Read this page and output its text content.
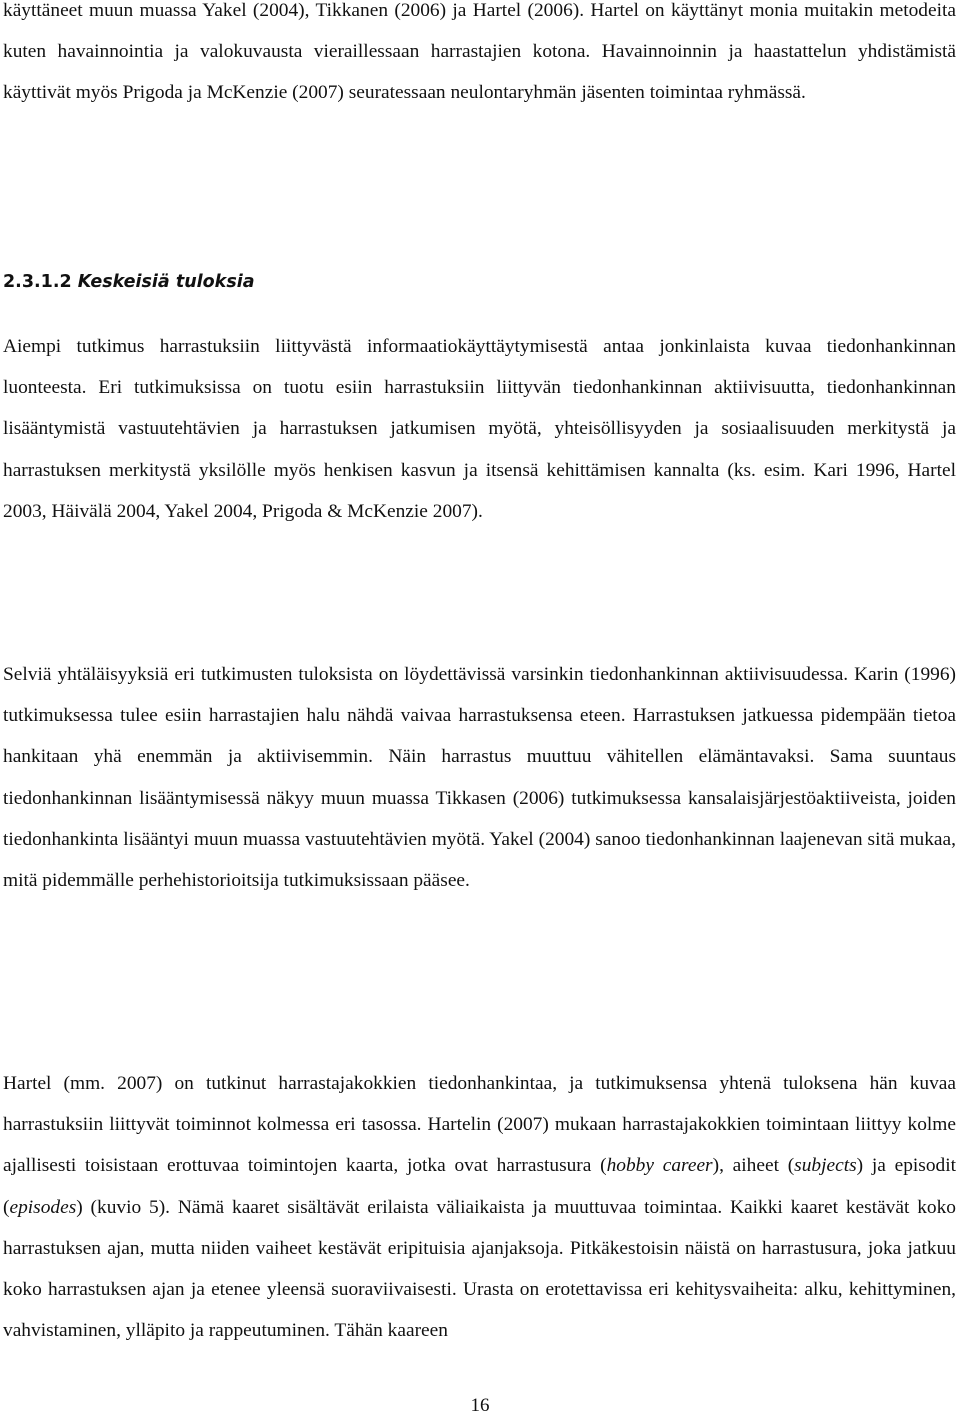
käyttäneet muun muassa Yakel (2004), Tikkanen (2006) ja Hartel (2006). Hartel on käyttänyt monia muitakin metodeita kuten havainnointia ja valokuvausta vieraillessaan harrastajien kotona. Havainnoinnin ja haastattelun yhdistämistä käyttivät myös Prigoda ja McKenzie (2007) seuratessaan neulontaryhmän jäsenten toimintaa ryhmässä.

2.3.1.2 Keskeisiä tuloksia

Aiempi tutkimus harrastuksiin liittyvästä informaatiokäyttäytymisestä antaa jonkinlaista kuvaa tiedonhankinnan luonteesta. Eri tutkimuksissa on tuotu esiin harrastuksiin liittyvän tiedonhankinnan aktiivisuutta, tiedonhankinnan lisääntymistä vastuutehtävien ja harrastuksen jatkumisen myötä, yhteisöllisyyden ja sosiaalisuuden merkitystä ja harrastuksen merkitystä yksilölle myös henkisen kasvun ja itsensä kehittämisen kannalta (ks. esim. Kari 1996, Hartel 2003, Häivälä 2004, Yakel 2004, Prigoda & McKenzie 2007).

Selviä yhtäläisyyksiä eri tutkimusten tuloksista on löydettävissä varsinkin tiedonhankinnan aktiivisuudessa. Karin (1996) tutkimuksessa tulee esiin harrastajien halu nähdä vaivaa harrastuksensa eteen. Harrastuksen jatkuessa pidempään tietoa hankitaan yhä enemmän ja aktiivisemmin. Näin harrastus muuttuu vähitellen elämäntavaksi. Sama suuntaus tiedonhankinnan lisääntymisessä näkyy muun muassa Tikkasen (2006) tutkimuksessa kansalaisjärjestöaktiiveista, joiden tiedonhankinta lisääntyi muun muassa vastuutehtävien myötä. Yakel (2004) sanoo tiedonhankinnan laajenevan sitä mukaa, mitä pidemmälle perhehistorioitsija tutkimuksissaan pääsee.

Hartel (mm. 2007) on tutkinut harrastajakokkien tiedonhankintaa, ja tutkimuksensa yhtenä tuloksena hän kuvaa harrastuksiin liittyvät toiminnot kolmessa eri tasossa. Hartelin (2007) mukaan harrastajakokkien toimintaan liittyy kolme ajallisesti toisistaan erottuvaa toimintojen kaarta, jotka ovat harrastusura (hobby career), aiheet (subjects) ja episodit (episodes) (kuvio 5). Nämä kaaret sisältävät erilaista väliaikaista ja muuttuvaa toimintaa. Kaikki kaaret kestävät koko harrastuksen ajan, mutta niiden vaiheet kestävät eripituisia ajanjaksoja. Pitkäkestoisin näistä on harrastusura, joka jatkuu koko harrastuksen ajan ja etenee yleensä suoraviivaisesti. Urasta on erotettavissa eri kehitysvaiheita: alku, kehittyminen, vahvistaminen, ylläpito ja rappeutuminen. Tähän kaareen

16
